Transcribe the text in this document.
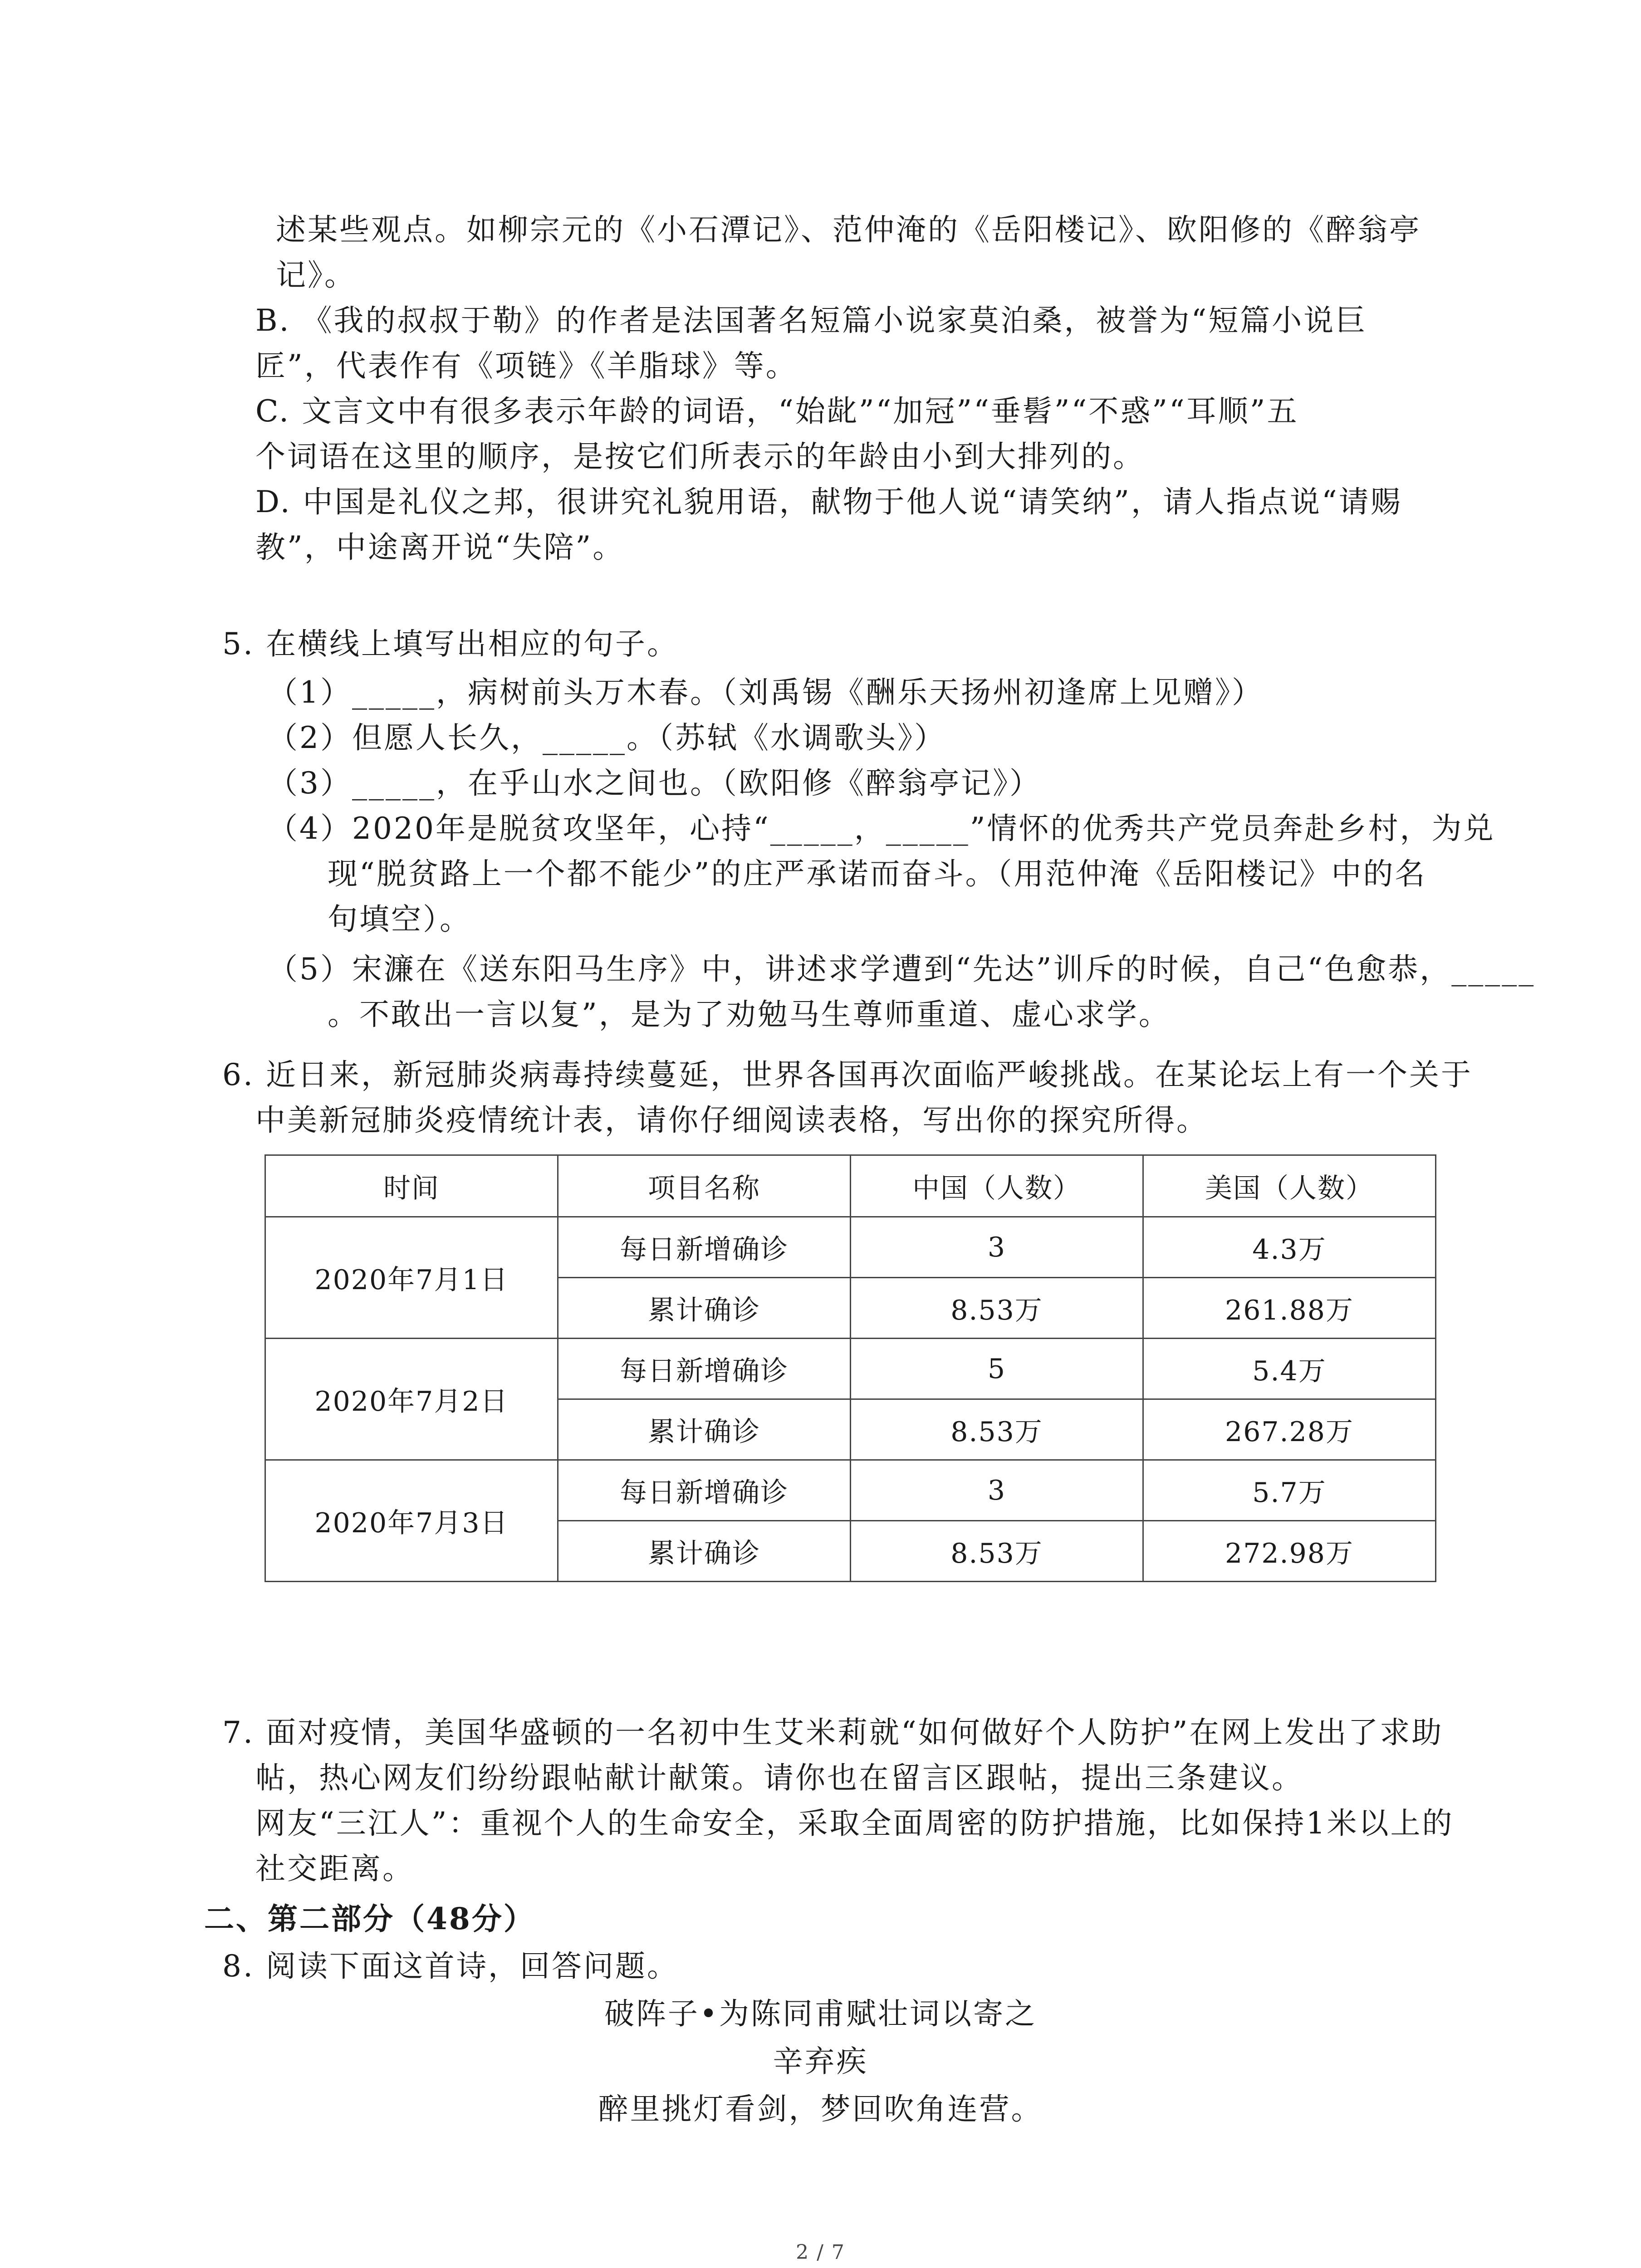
述某些观点。如柳宗元的《小石潭记》、范仲淹的《岳阳楼记》、欧阳修的《醉翁亭
记》。
B. 《我的叔叔于勒》的作者是法国著名短篇小说家莫泊桑，被誉为“短篇小说巨
匠”，代表作有《项链》《羊脂球》等。
C. 文言文中有很多表示年龄的词语，“始龀”“加冠”“垂髫”“不惑”“耳顺”五
个词语在这里的顺序，是按它们所表示的年龄由小到大排列的。
D. 中国是礼仪之邦，很讲究礼貌用语，献物于他人说“请笑纳”，请人指点说“请赐
教”，中途离开说“失陪”。
5. 在横线上填写出相应的句子。
（1）_____，病树前头万木春。（刘禹锡《酬乐天扬州初逢席上见赠》）
（2）但愿人长久，_____。（苏轼《水调歌头》）
（3）_____，在乎山水之间也。（欧阳修《醉翁亭记》）
（4）2020年是脱贫攻坚年，心持“_____，_____”情怀的优秀共产党员奔赴乡村，为兑
现“脱贫路上一个都不能少”的庄严承诺而奋斗。（用范仲淹《岳阳楼记》中的名
句填空）。
（5）宋濂在《送东阳马生序》中，讲述求学遭到“先达”训斥的时候，自己“色愈恭，_____
。不敢出一言以复”，是为了劝勉马生尊师重道、虚心求学。
6. 近日来，新冠肺炎病毒持续蔓延，世界各国再次面临严峻挑战。在某论坛上有一个关于
中美新冠肺炎疫情统计表，请你仔细阅读表格，写出你的探究所得。
时间	项目名称	中国（人数）	美国（人数）
2020年7月1日	每日新增确诊	3	4.3万
	累计确诊	8.53万	261.88万
2020年7月2日	每日新增确诊	5	5.4万
	累计确诊	8.53万	267.28万
2020年7月3日	每日新增确诊	3	5.7万
	累计确诊	8.53万	272.98万
7. 面对疫情，美国华盛顿的一名初中生艾米莉就“如何做好个人防护”在网上发出了求助
帖，热心网友们纷纷跟帖献计献策。请你也在留言区跟帖，提出三条建议。
网友“三江人”：重视个人的生命安全，采取全面周密的防护措施，比如保持1米以上的
社交距离。
二、第二部分（48分）
8. 阅读下面这首诗，回答问题。
破阵子•为陈同甫赋壮词以寄之
辛弃疾
醉里挑灯看剑，梦回吹角连营。
2 / 7
